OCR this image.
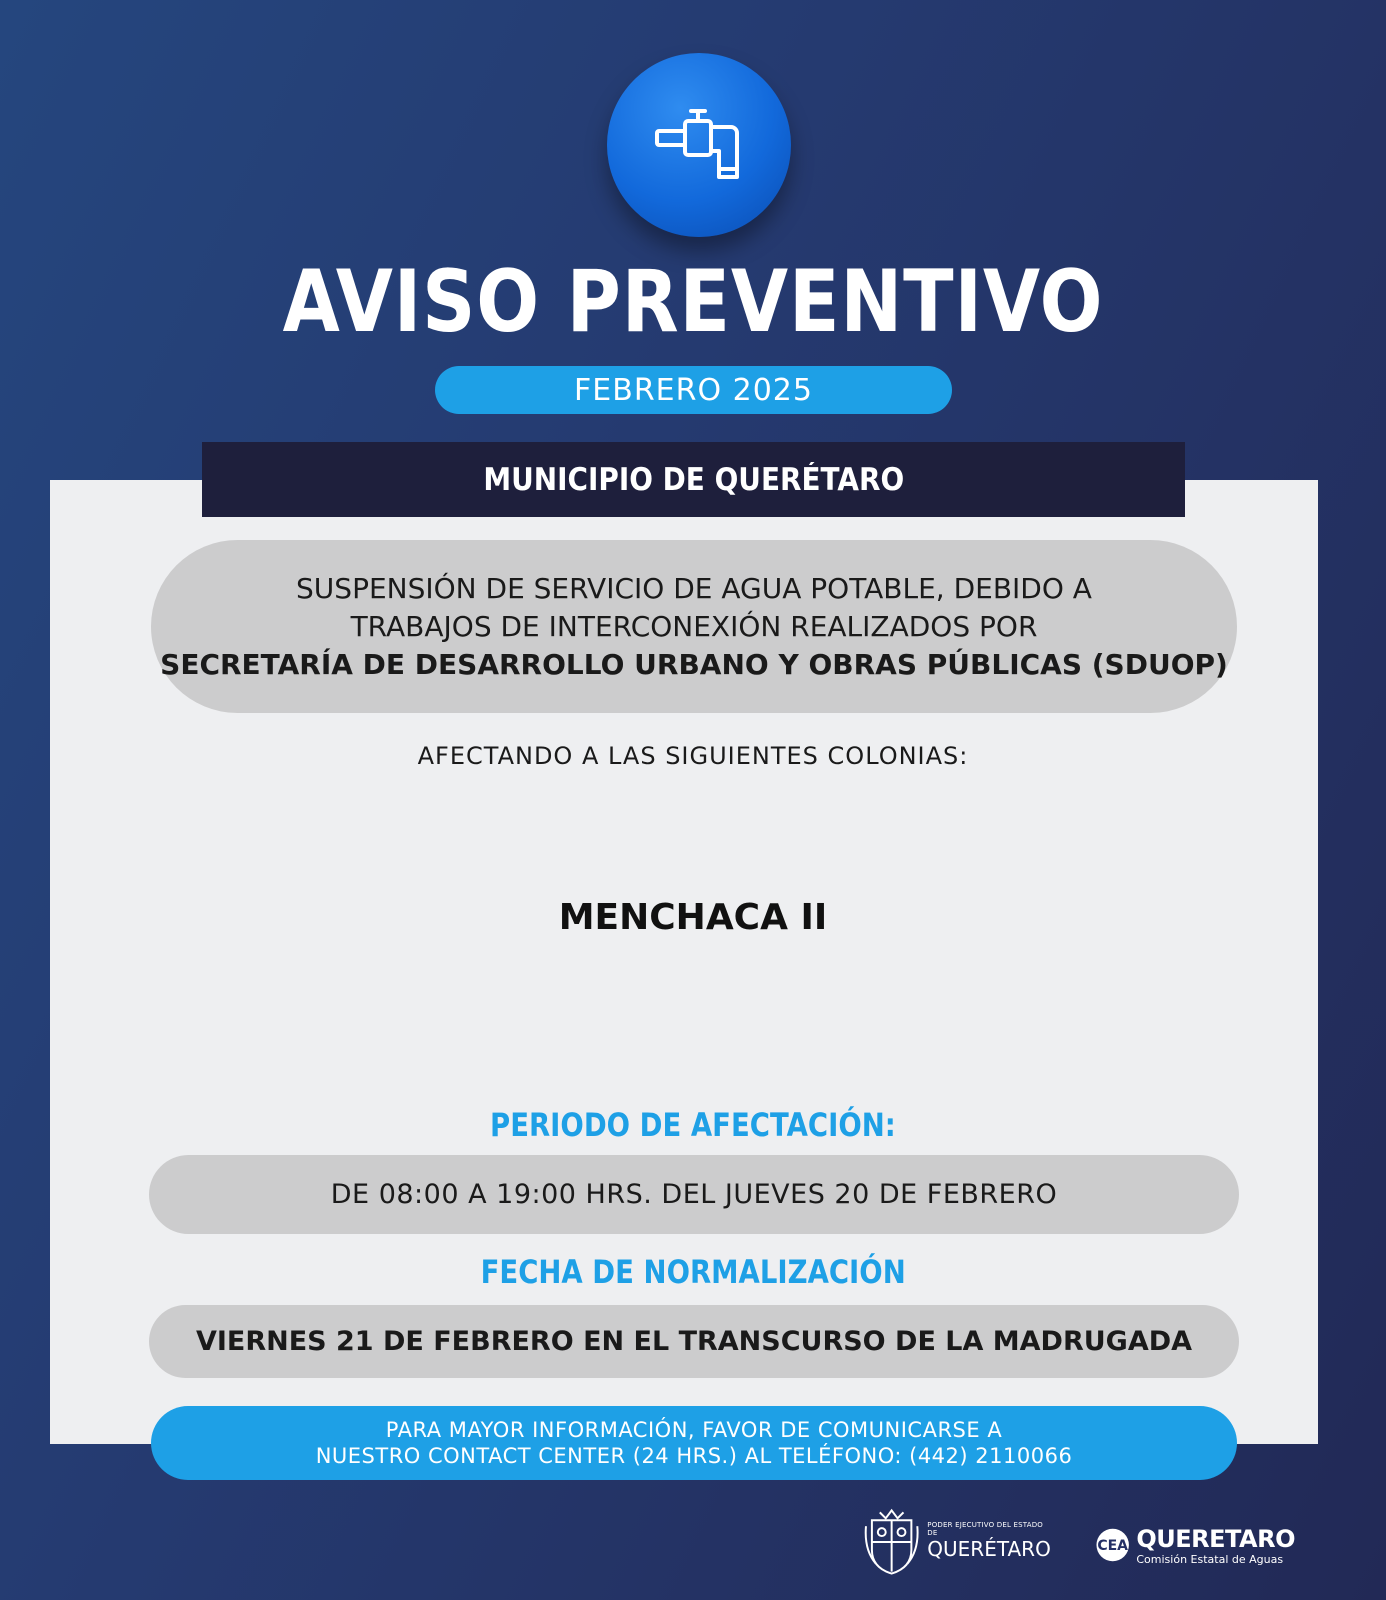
AVISO PREVENTIVO
FEBRERO 2025
MUNICIPIO DE QUERÉTARO
SUSPENSIÓN DE SERVICIO DE AGUA POTABLE, DEBIDO A
TRABAJOS DE INTERCONEXIÓN REALIZADOS POR
SECRETARÍA DE DESARROLLO URBANO Y OBRAS PÚBLICAS (SDUOP)
AFECTANDO A LAS SIGUIENTES COLONIAS:
MENCHACA II
PERIODO DE AFECTACIÓN:
DE 08:00 A 19:00 HRS. DEL JUEVES 20 DE FEBRERO
FECHA DE NORMALIZACIÓN
VIERNES 21 DE FEBRERO EN EL TRANSCURSO DE LA MADRUGADA
PARA MAYOR INFORMACIÓN, FAVOR DE COMUNICARSE A
NUESTRO CONTACT CENTER (24 HRS.) AL TELÉFONO: (442) 2110066
PODER EJECUTIVO DEL ESTADO DE
QUERÉTARO CEA QUERETARO
Comisión Estatal de Aguas
